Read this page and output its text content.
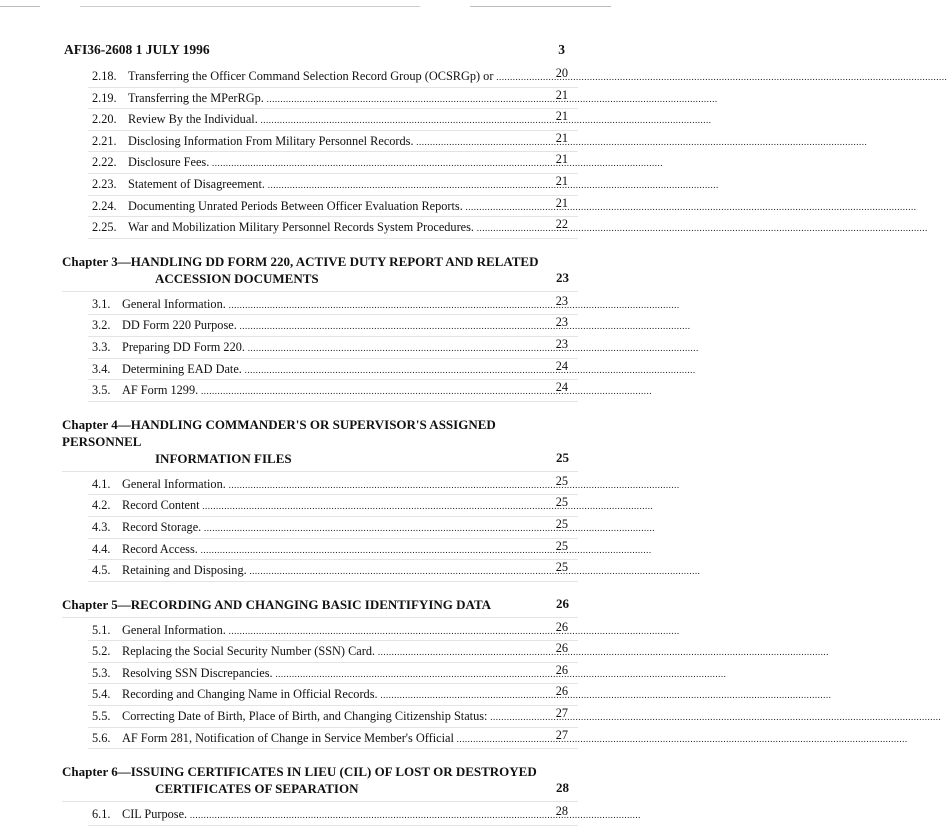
AFI36-2608 1 JULY 1996	3
2.18. Transferring the Officer Command Selection Record Group (OCSRGp) or .....	20
2.19. Transferring the MPerRGp. .....	21
2.20. Review By the Individual. .....	21
2.21. Disclosing Information From Military Personnel Records. .....	21
2.22. Disclosure Fees. .....	21
2.23. Statement of Disagreement. .....	21
2.24. Documenting Unrated Periods Between Officer Evaluation Reports. .....	21
2.25. War and Mobilization Military Personnel Records System Procedures. .....	22
Chapter 3—HANDLING DD FORM 220, ACTIVE DUTY REPORT AND RELATED
ACCESSION DOCUMENTS	23
3.1. General Information. .....	23
3.2. DD Form 220 Purpose. .....	23
3.3. Preparing DD Form 220. .....	23
3.4. Determining EAD Date. .....	24
3.5. AF Form 1299. .....	24
Chapter 4—HANDLING COMMANDER'S OR SUPERVISOR'S ASSIGNED PERSONNEL
INFORMATION FILES	25
4.1. General Information. .....	25
4.2. Record Content .....	25
4.3. Record Storage. .....	25
4.4. Record Access. .....	25
4.5. Retaining and Disposing. .....	25
Chapter 5—RECORDING AND CHANGING BASIC IDENTIFYING DATA	26
5.1. General Information. .....	26
5.2. Replacing the Social Security Number (SSN) Card. .....	26
5.3. Resolving SSN Discrepancies. .....	26
5.4. Recording and Changing Name in Official Records. .....	26
5.5. Correcting Date of Birth, Place of Birth, and Changing Citizenship Status: .....	27
5.6. AF Form 281, Notification of Change in Service Member's Official .....	27
Chapter 6—ISSUING CERTIFICATES IN LIEU (CIL) OF LOST OR DESTROYED
CERTIFICATES OF SEPARATION	28
6.1. CIL Purpose. .....	28
